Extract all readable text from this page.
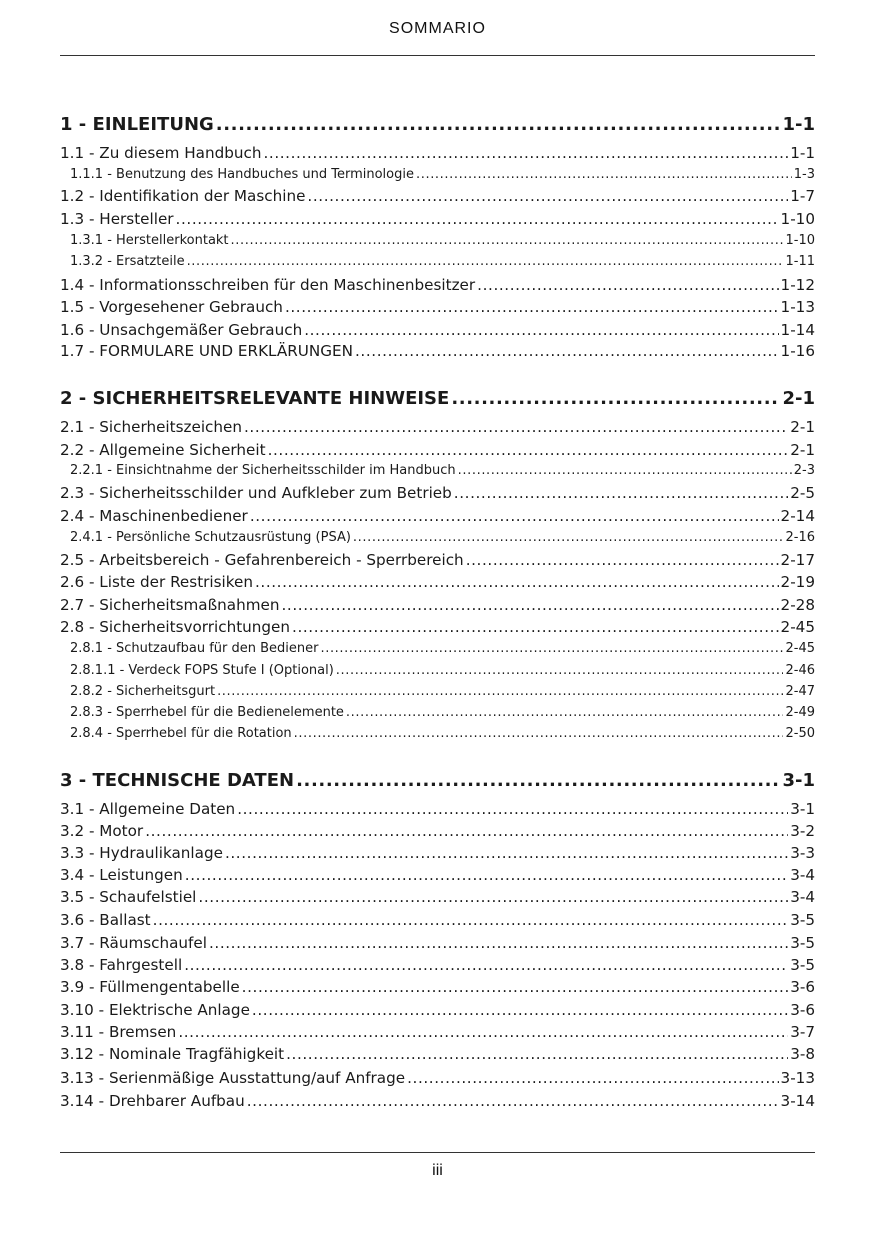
SOMMARIO
1 - EINLEITUNG .....	1-1
1.1 - Zu diesem Handbuch .....	1-1
1.1.1 - Benutzung des Handbuches und Terminologie .....	1-3
1.2 - Identifikation der Maschine .....	1-7
1.3 - Hersteller .....	1-10
1.3.1 - Herstellerkontakt .....	1-10
1.3.2 - Ersatzteile .....	1-11
1.4 - Informationsschreiben für den Maschinenbesitzer .....	1-12
1.5 - Vorgesehener Gebrauch .....	1-13
1.6 - Unsachgemäßer Gebrauch .....	1-14
1.7 - FORMULARE UND ERKLÄRUNGEN .....	1-16
2 - SICHERHEITSRELEVANTE HINWEISE .....	2-1
2.1 - Sicherheitszeichen .....	2-1
2.2 - Allgemeine Sicherheit .....	2-1
2.2.1 - Einsichtnahme der Sicherheitsschilder im Handbuch .....	2-3
2.3 - Sicherheitsschilder und Aufkleber zum Betrieb .....	2-5
2.4 - Maschinenbediener .....	2-14
2.4.1 - Persönliche Schutzausrüstung (PSA) .....	2-16
2.5 - Arbeitsbereich - Gefahrenbereich - Sperrbereich .....	2-17
2.6 - Liste der Restrisiken .....	2-19
2.7 - Sicherheitsmaßnahmen .....	2-28
2.8 - Sicherheitsvorrichtungen .....	2-45
2.8.1 - Schutzaufbau für den Bediener .....	2-45
2.8.1.1 - Verdeck FOPS Stufe I (Optional) .....	2-46
2.8.2 - Sicherheitsgurt .....	2-47
2.8.3 - Sperrhebel für die Bedienelemente .....	2-49
2.8.4 - Sperrhebel für die Rotation .....	2-50
3 - TECHNISCHE DATEN .....	3-1
3.1 - Allgemeine Daten .....	3-1
3.2 - Motor .....	3-2
3.3 - Hydraulikanlage .....	3-3
3.4 - Leistungen .....	3-4
3.5 - Schaufelstiel .....	3-4
3.6 - Ballast .....	3-5
3.7 - Räumschaufel .....	3-5
3.8 - Fahrgestell .....	3-5
3.9 - Füllmengentabelle .....	3-6
3.10 - Elektrische Anlage .....	3-6
3.11 - Bremsen .....	3-7
3.12 - Nominale Tragfähigkeit .....	3-8
3.13 - Serienmäßige Ausstattung/auf Anfrage .....	3-13
3.14 - Drehbarer Aufbau .....	3-14
iii
